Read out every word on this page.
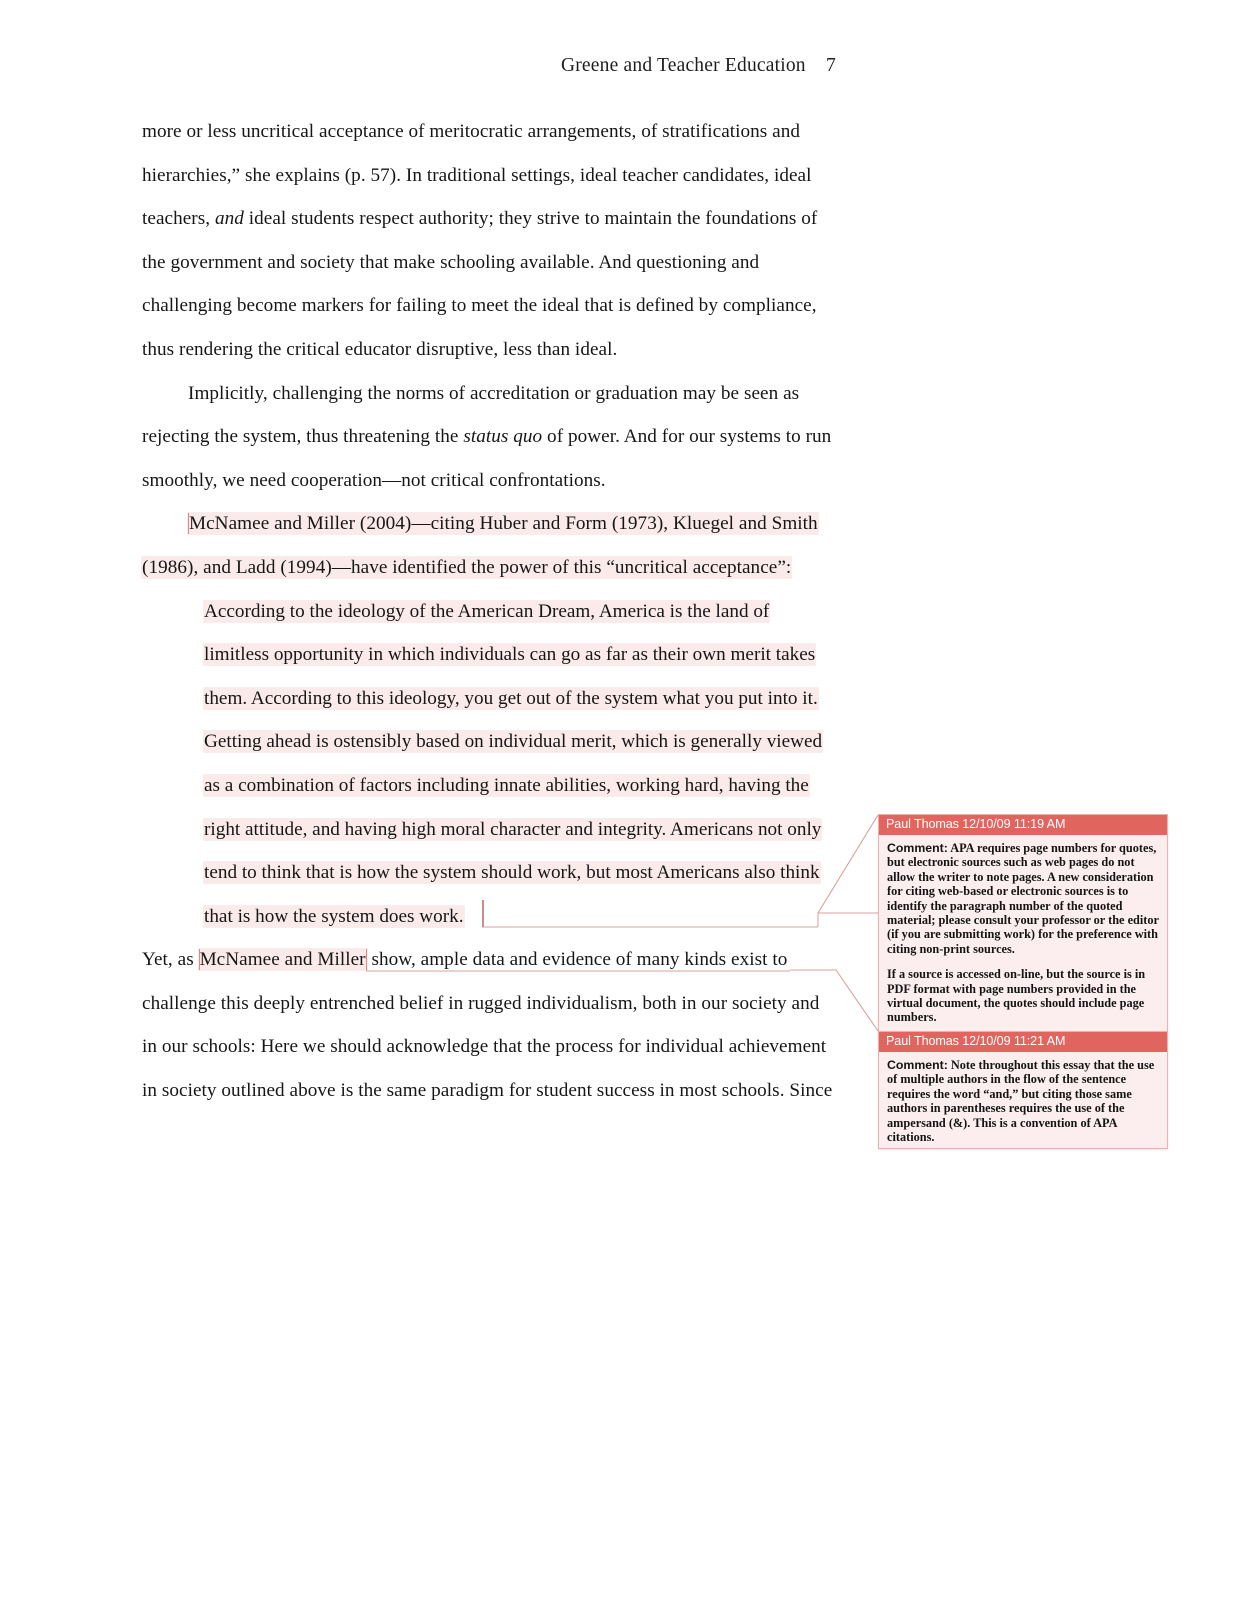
Greene and Teacher Education    7
more or less uncritical acceptance of meritocratic arrangements, of stratifications and
hierarchies,” she explains (p. 57). In traditional settings, ideal teacher candidates, ideal
teachers, and ideal students respect authority; they strive to maintain the foundations of
the government and society that make schooling available. And questioning and
challenging become markers for failing to meet the ideal that is defined by compliance,
thus rendering the critical educator disruptive, less than ideal.
Implicitly, challenging the norms of accreditation or graduation may be seen as
rejecting the system, thus threatening the status quo of power. And for our systems to run
smoothly, we need cooperation—not critical confrontations.
McNamee and Miller (2004)—citing Huber and Form (1973), Kluegel and Smith
(1986), and Ladd (1994)—have identified the power of this “uncritical acceptance”:
According to the ideology of the American Dream, America is the land of
limitless opportunity in which individuals can go as far as their own merit takes
them. According to this ideology, you get out of the system what you put into it.
Getting ahead is ostensibly based on individual merit, which is generally viewed
as a combination of factors including innate abilities, working hard, having the
right attitude, and having high moral character and integrity. Americans not only
tend to think that is how the system should work, but most Americans also think
that is how the system does work.
Yet, as McNamee and Miller show, ample data and evidence of many kinds exist to
challenge this deeply entrenched belief in rugged individualism, both in our society and
in our schools: Here we should acknowledge that the process for individual achievement
in society outlined above is the same paradigm for student success in most schools. Since
Paul Thomas 12/10/09 11:19 AM

Comment: APA requires page numbers for quotes, but electronic sources such as web pages do not allow the writer to note pages. A new consideration for citing web-based or electronic sources is to identify the paragraph number of the quoted material; please consult your professor or the editor (if you are submitting work) for the preference with citing non-print sources.

If a source is accessed on-line, but the source is in PDF format with page numbers provided in the virtual document, the quotes should include page numbers.

Paul Thomas 12/10/09 11:21 AM

Comment: Note throughout this essay that the use of multiple authors in the flow of the sentence requires the word “and,” but citing those same authors in parentheses requires the use of the ampersand (&). This is a convention of APA citations.
